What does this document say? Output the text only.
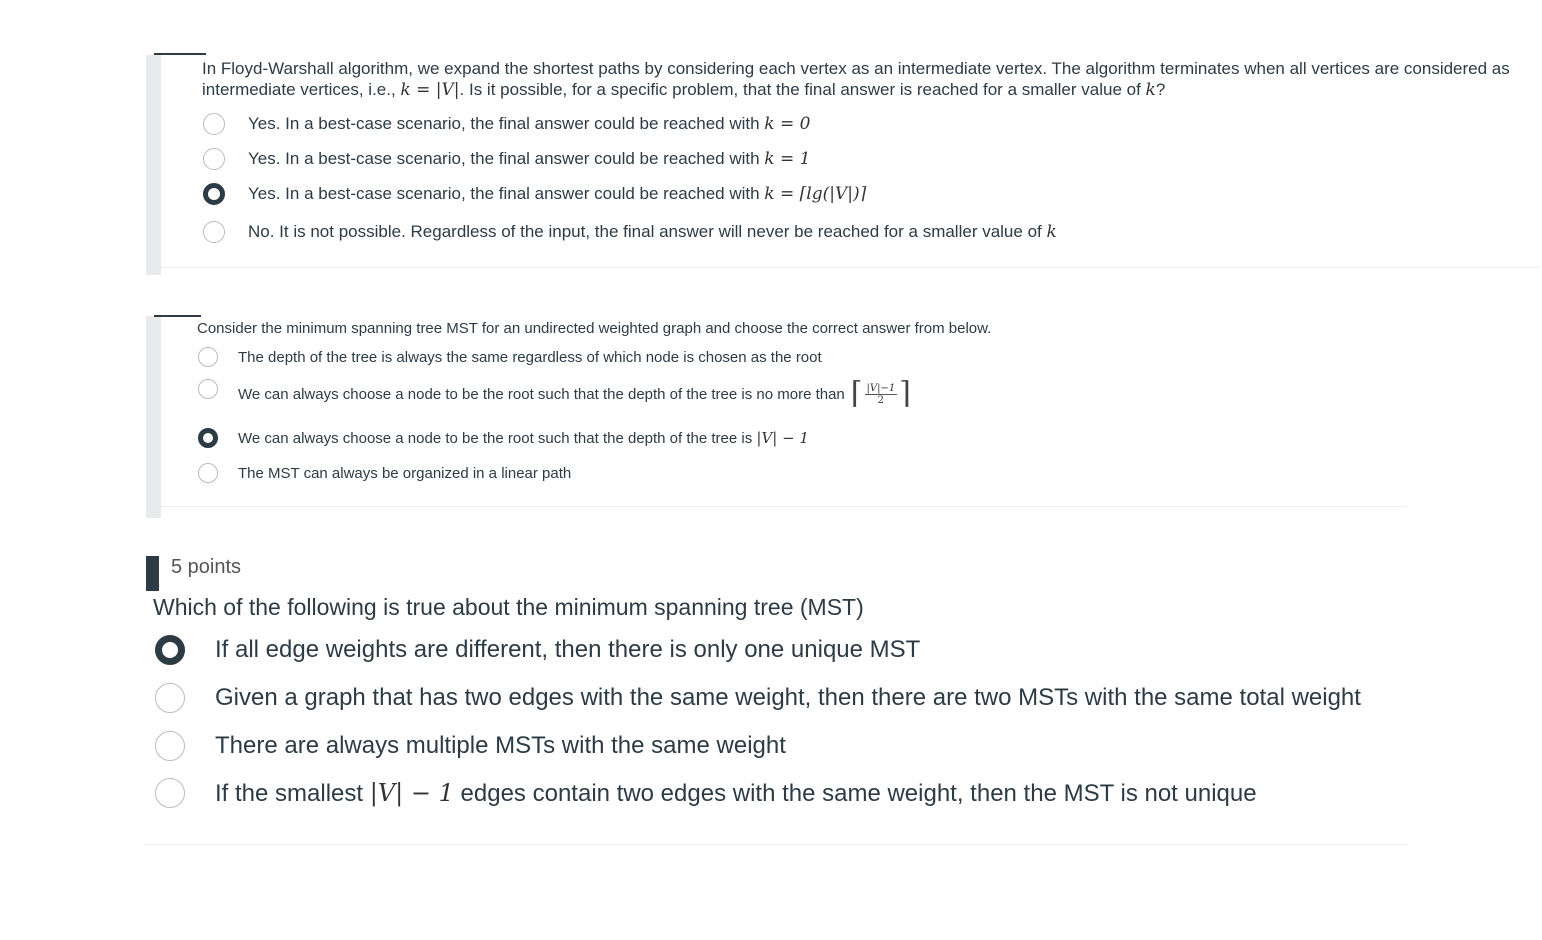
In Floyd-Warshall algorithm, we expand the shortest paths by considering each vertex as an intermediate vertex. The algorithm terminates when all vertices are considered as intermediate vertices, i.e., k = |V|. Is it possible, for a specific problem, that the final answer is reached for a smaller value of k?
Yes. In a best-case scenario, the final answer could be reached with k = 0
Yes. In a best-case scenario, the final answer could be reached with k = 1
Yes. In a best-case scenario, the final answer could be reached with k = ⌈lg(|V|)⌉
No. It is not possible. Regardless of the input, the final answer will never be reached for a smaller value of k
Consider the minimum spanning tree MST for an undirected weighted graph and choose the correct answer from below.
The depth of the tree is always the same regardless of which node is chosen as the root
We can always choose a node to be the root such that the depth of the tree is no more than ⌈ $\frac{|V|-1}{2}$ ⌉
We can always choose a node to be the root such that the depth of the tree is |V| − 1
The MST can always be organized in a linear path
5 points
Which of the following is true about the minimum spanning tree (MST)
If all edge weights are different, then there is only one unique MST
Given a graph that has two edges with the same weight, then there are two MSTs with the same total weight
There are always multiple MSTs with the same weight
If the smallest |V| − 1 edges contain two edges with the same weight, then the MST is not unique
